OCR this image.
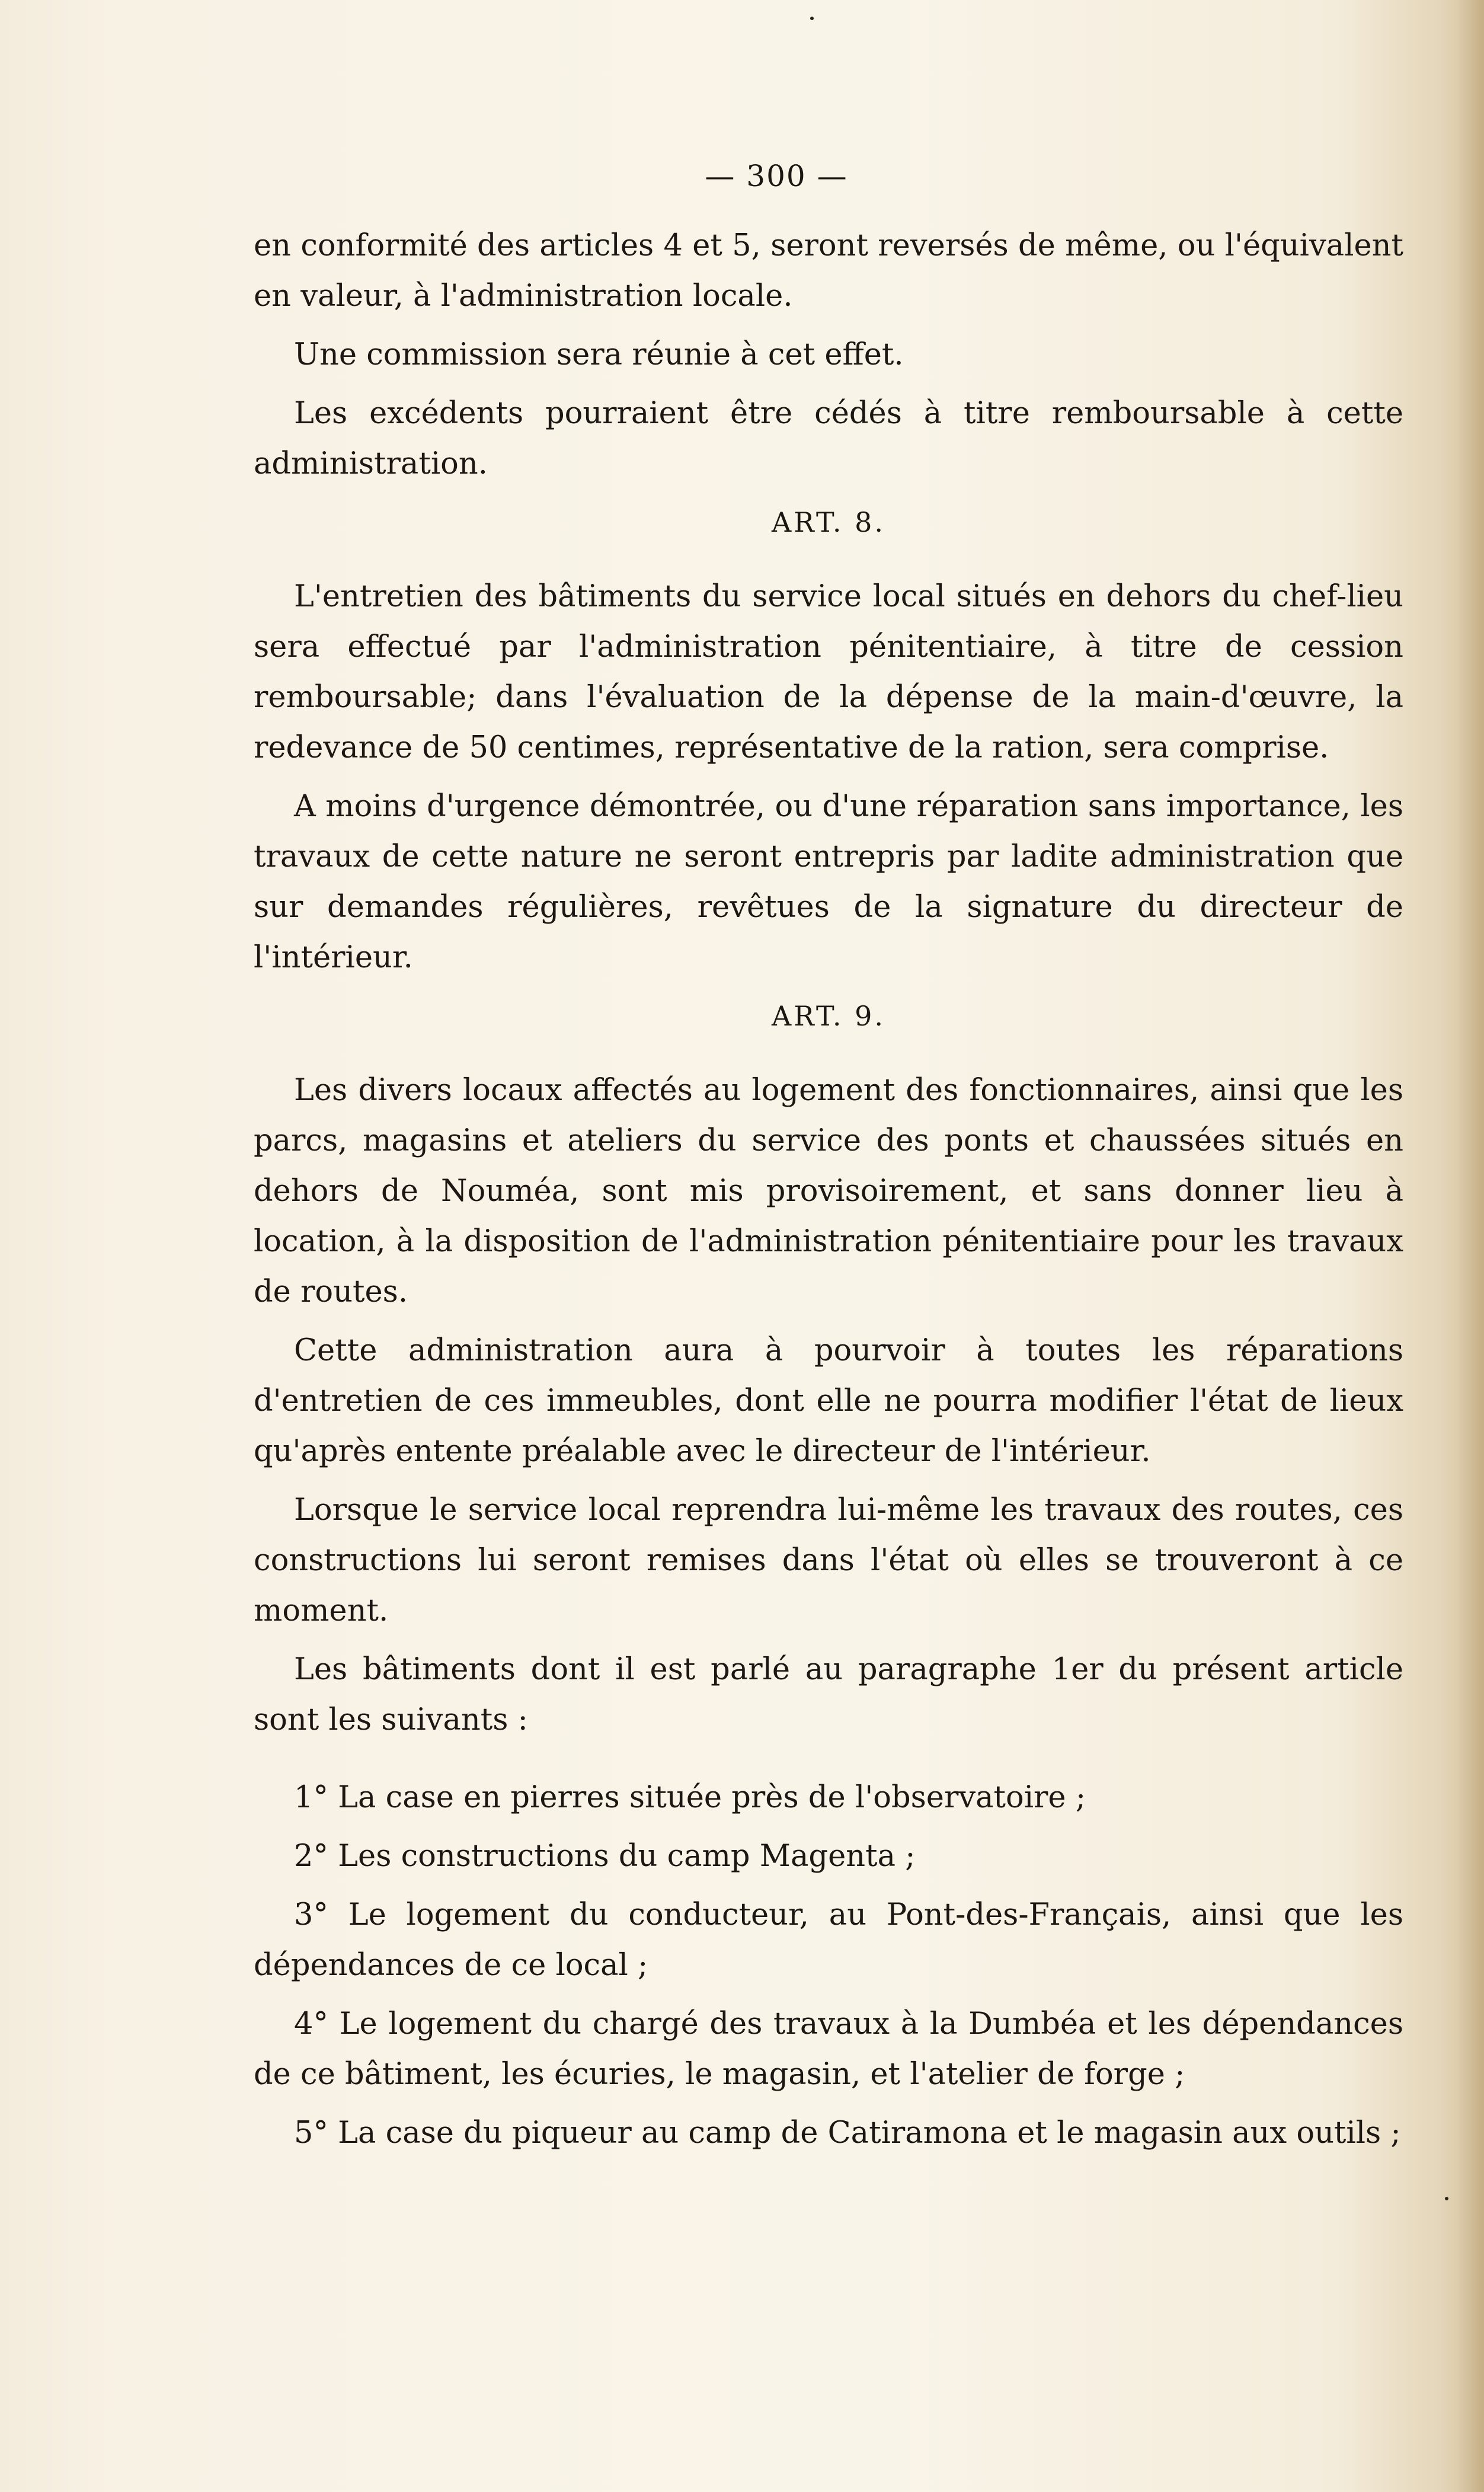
— 300 —

en conformité des articles 4 et 5, seront reversés de même, ou l'équivalent en valeur, à l'administration locale.

Une commission sera réunie à cet effet.

Les excédents pourraient être cédés à titre remboursable à cette administration.

ART. 8.

L'entretien des bâtiments du service local situés en dehors du chef-lieu sera effectué par l'administration pénitentiaire, à titre de cession remboursable; dans l'évaluation de la dépense de la main-d'œuvre, la redevance de 50 centimes, représentative de la ration, sera comprise.

A moins d'urgence démontrée, ou d'une réparation sans importance, les travaux de cette nature ne seront entrepris par ladite administration que sur demandes régulières, revêtues de la signature du directeur de l'intérieur.

ART. 9.

Les divers locaux affectés au logement des fonctionnaires, ainsi que les parcs, magasins et ateliers du service des ponts et chaussées situés en dehors de Nouméa, sont mis provisoirement, et sans donner lieu à location, à la disposition de l'administration pénitentiaire pour les travaux de routes.

Cette administration aura à pourvoir à toutes les réparations d'entretien de ces immeubles, dont elle ne pourra modifier l'état de lieux qu'après entente préalable avec le directeur de l'intérieur.

Lorsque le service local reprendra lui-même les travaux des routes, ces constructions lui seront remises dans l'état où elles se trouveront à ce moment.

Les bâtiments dont il est parlé au paragraphe 1er du présent article sont les suivants :

1° La case en pierres située près de l'observatoire ;

2° Les constructions du camp Magenta ;

3° Le logement du conducteur, au Pont-des-Français, ainsi que les dépendances de ce local ;

4° Le logement du chargé des travaux à la Dumbéa et les dépendances de ce bâtiment, les écuries, le magasin, et l'atelier de forge ;

5° La case du piqueur au camp de Catiramona et le magasin aux outils ;
